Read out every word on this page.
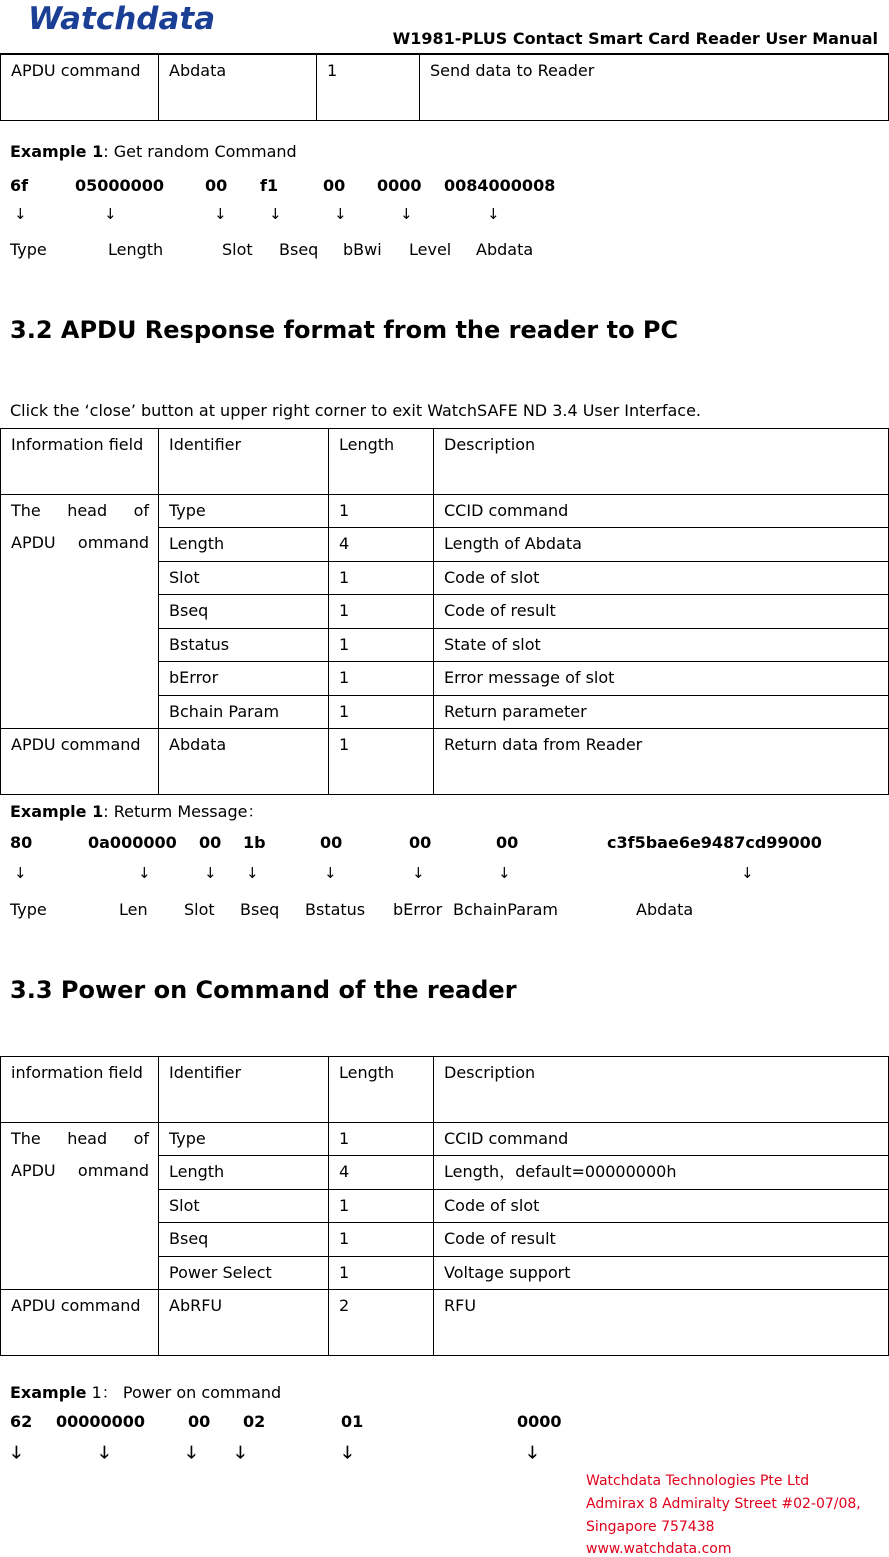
Watchdata
W1981-PLUS Contact Smart Card Reader User Manual
APDU command	Abdata	1	Send data to Reader
Example 1: Get random Command
6f	05000000	00 f1	00 0000 0084000008
↓	↓	↓	↓	↓	↓	↓
Type	Length	Slot Bseq bBwi Level Abdata
3.2 APDU Response format from the reader to PC
Click the ‘close’ button at upper right corner to exit WatchSAFE ND 3.4 User Interface.
Information field	Identifier	Length	Description

The head of APDU ommand	Type	1	CCID command
	Length	4	Length of Abdata
	Slot	1	Code of slot
	Bseq	1	Code of result
	Bstatus	1	State of slot
	bError	1	Error message of slot
	Bchain Param	1	Return parameter
APDU command	Abdata	1	Return data from Reader
Example 1: Returm Message：
80	0a000000 00 1b	00	00	00	c3f5bae6e9487cd99000
↓	↓	↓ ↓	↓	↓	↓	↓
Type	Len Slot Bseq Bstatus bError BchainParam	Abdata
3.3 Power on Command of the reader
information field	Identifier	Length	Description

The head of APDU ommand	Type	1	CCID command
	Length	4	Length，default=00000000h
	Slot	1	Code of slot
	Bseq	1	Code of result
	Power Select	1	Voltage support
APDU command	AbRFU	2	RFU
Example 1： Power on command
62 00000000	00 02	01	0000
🡓	🡓	🡓 🡓	🡓	🡓
Watchdata Technologies Pte Ltd
Admirax 8 Admiralty Street #02-07/08,
Singapore 757438
www.watchdata.com
